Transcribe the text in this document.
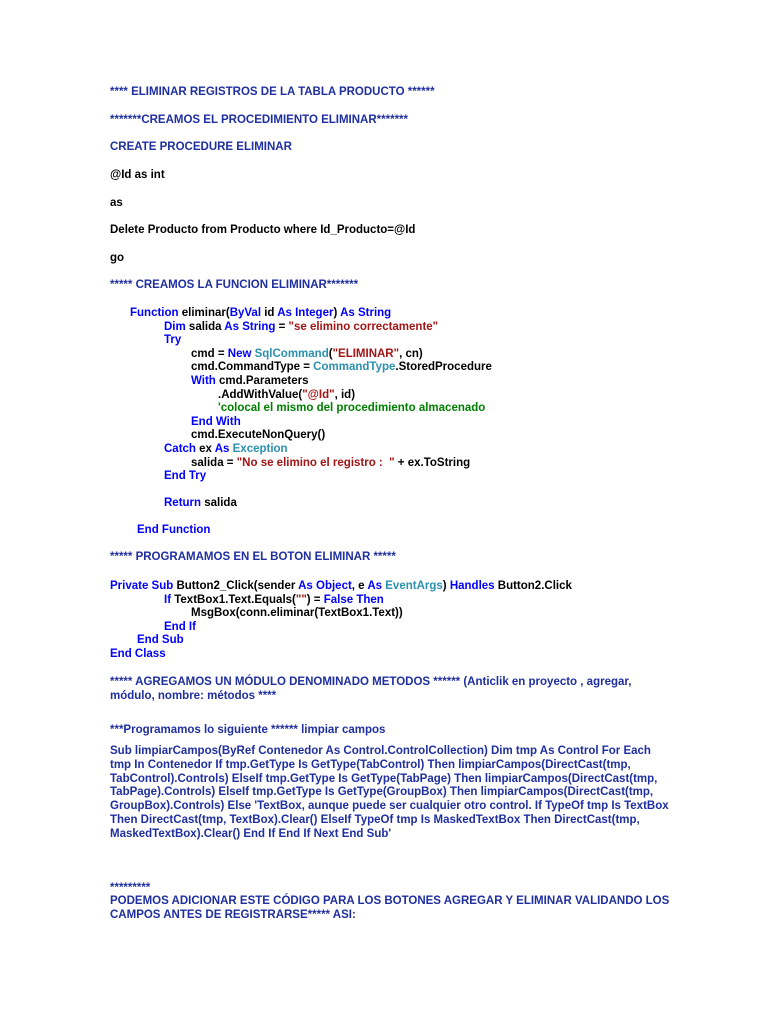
**** ELIMINAR REGISTROS DE LA TABLA PRODUCTO ******
*******CREAMOS EL PROCEDIMIENTO ELIMINAR*******
CREATE PROCEDURE ELIMINAR
@Id as int
as
Delete Producto from Producto where Id_Producto=@Id
go
***** CREAMOS LA FUNCION ELIMINAR*******
Function eliminar(ByVal id As Integer) As String
Dim salida As String = "se elimino correctamente"
Try
cmd = New SqlCommand("ELIMINAR", cn)
cmd.CommandType = CommandType.StoredProcedure
With cmd.Parameters
.AddWithValue("@Id", id)
'colocal el mismo del procedimiento almacenado
End With
cmd.ExecuteNonQuery()
Catch ex As Exception
salida = "No se elimino el registro :  " + ex.ToString
End Try
Return salida
End Function
***** PROGRAMAMOS EN EL BOTON ELIMINAR *****
Private Sub Button2_Click(sender As Object, e As EventArgs) Handles Button2.Click
If TextBox1.Text.Equals("") = False Then
MsgBox(conn.eliminar(TextBox1.Text))
End If
End Sub
End Class
***Programamos lo siguiente ****** limpiar campos
*********
***** AGREGAMOS UN MÓDULO DENOMINADO METODOS ****** (Anticlik en proyecto , agregar, módulo, nombre: métodos ****
Sub limpiarCampos(ByRef Contenedor As Control.ControlCollection) Dim tmp As Control For Each tmp In Contenedor If tmp.GetType Is GetType(TabControl) Then limpiarCampos(DirectCast(tmp, TabControl).Controls) ElseIf tmp.GetType Is GetType(TabPage) Then limpiarCampos(DirectCast(tmp, TabPage).Controls) ElseIf tmp.GetType Is GetType(GroupBox) Then limpiarCampos(DirectCast(tmp, GroupBox).Controls) Else 'TextBox, aunque puede ser cualquier otro control. If TypeOf tmp Is TextBox Then DirectCast(tmp, TextBox).Clear() ElseIf TypeOf tmp Is MaskedTextBox Then DirectCast(tmp, MaskedTextBox).Clear() End If End If Next End Sub'
PODEMOS ADICIONAR ESTE CÓDIGO PARA LOS BOTONES AGREGAR Y ELIMINAR VALIDANDO LOS CAMPOS ANTES DE REGISTRARSE***** ASI:
